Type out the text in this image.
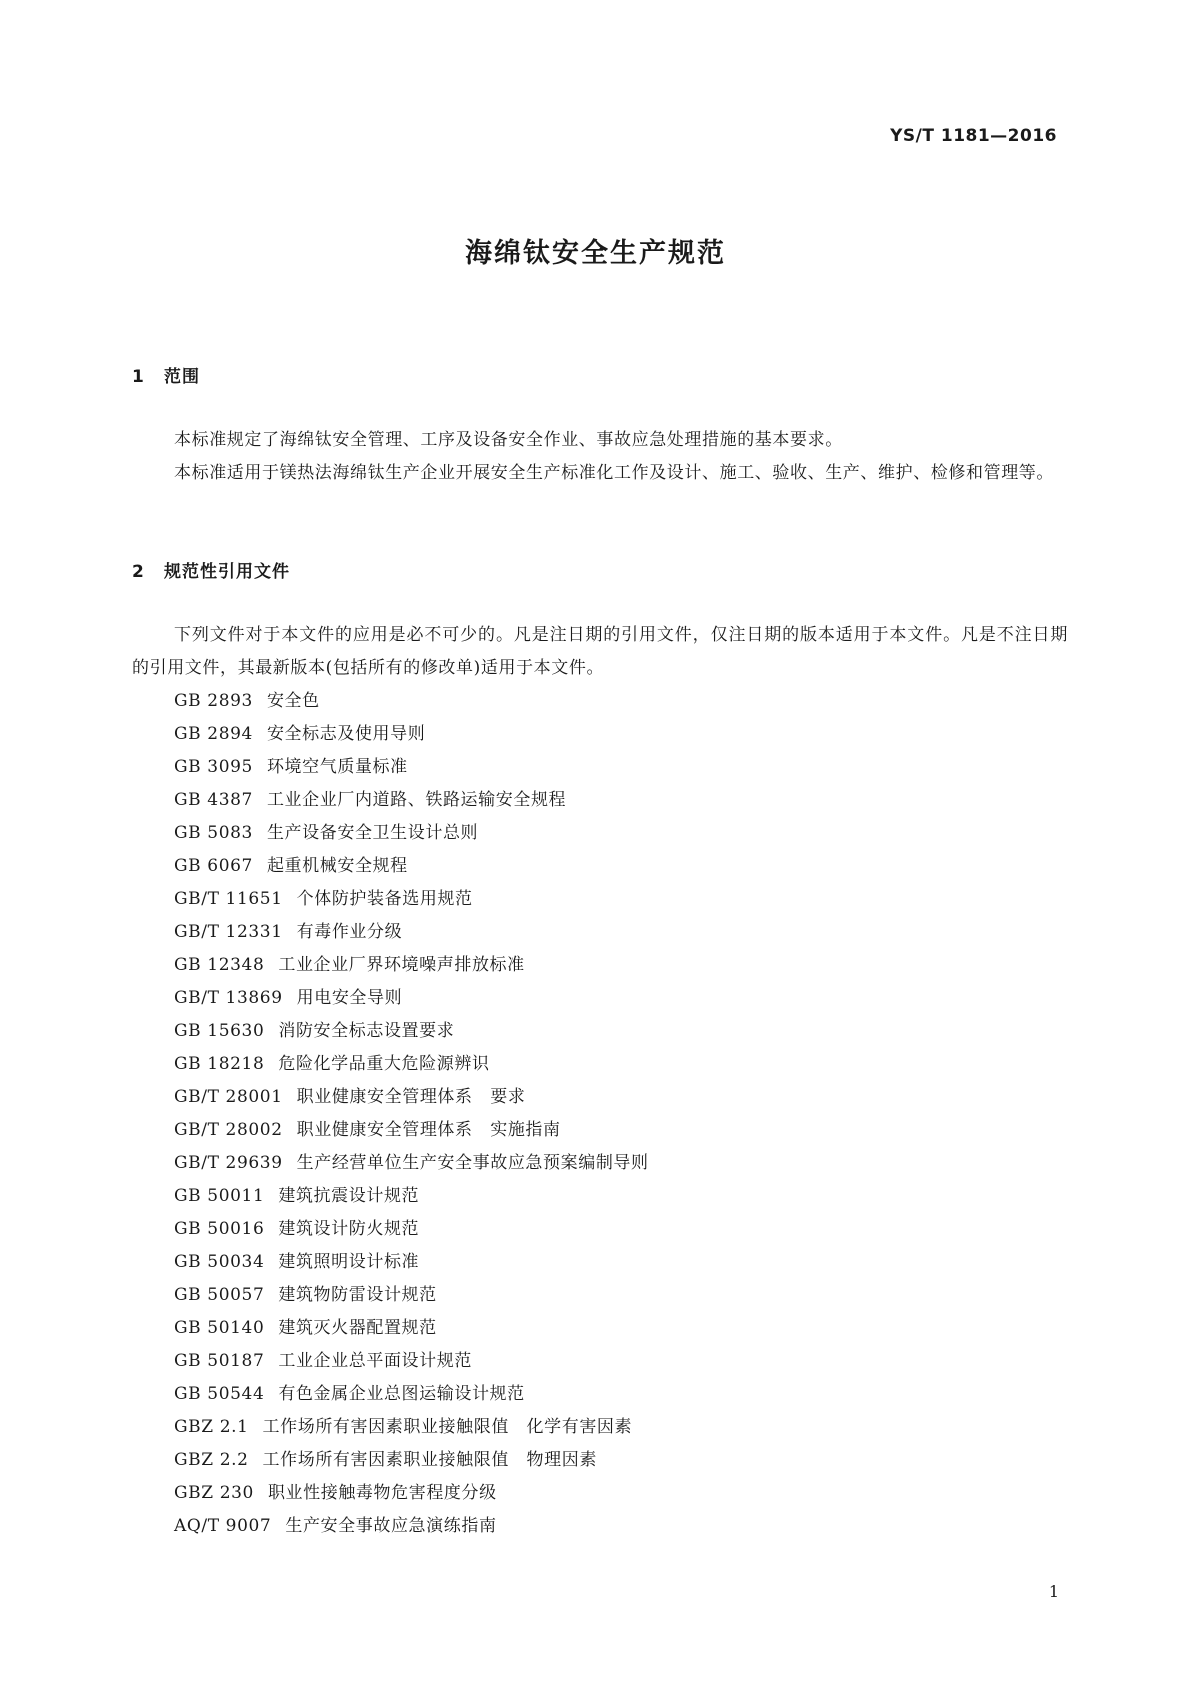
YS/T 1181—2016
海绵钛安全生产规范
1 范围
本标准规定了海绵钛安全管理、工序及设备安全作业、事故应急处理措施的基本要求。
本标准适用于镁热法海绵钛生产企业开展安全生产标准化工作及设计、施工、验收、生产、维护、检修和管理等。
2 规范性引用文件
下列文件对于本文件的应用是必不可少的。凡是注日期的引用文件，仅注日期的版本适用于本文件。凡是不注日期的引用文件，其最新版本(包括所有的修改单)适用于本文件。
GB 2893 安全色
GB 2894 安全标志及使用导则
GB 3095 环境空气质量标准
GB 4387 工业企业厂内道路、铁路运输安全规程
GB 5083 生产设备安全卫生设计总则
GB 6067 起重机械安全规程
GB/T 11651 个体防护装备选用规范
GB/T 12331 有毒作业分级
GB 12348 工业企业厂界环境噪声排放标准
GB/T 13869 用电安全导则
GB 15630 消防安全标志设置要求
GB 18218 危险化学品重大危险源辨识
GB/T 28001 职业健康安全管理体系　要求
GB/T 28002 职业健康安全管理体系　实施指南
GB/T 29639 生产经营单位生产安全事故应急预案编制导则
GB 50011 建筑抗震设计规范
GB 50016 建筑设计防火规范
GB 50034 建筑照明设计标准
GB 50057 建筑物防雷设计规范
GB 50140 建筑灭火器配置规范
GB 50187 工业企业总平面设计规范
GB 50544 有色金属企业总图运输设计规范
GBZ 2.1 工作场所有害因素职业接触限值　化学有害因素
GBZ 2.2 工作场所有害因素职业接触限值　物理因素
GBZ 230 职业性接触毒物危害程度分级
AQ/T 9007 生产安全事故应急演练指南
1
